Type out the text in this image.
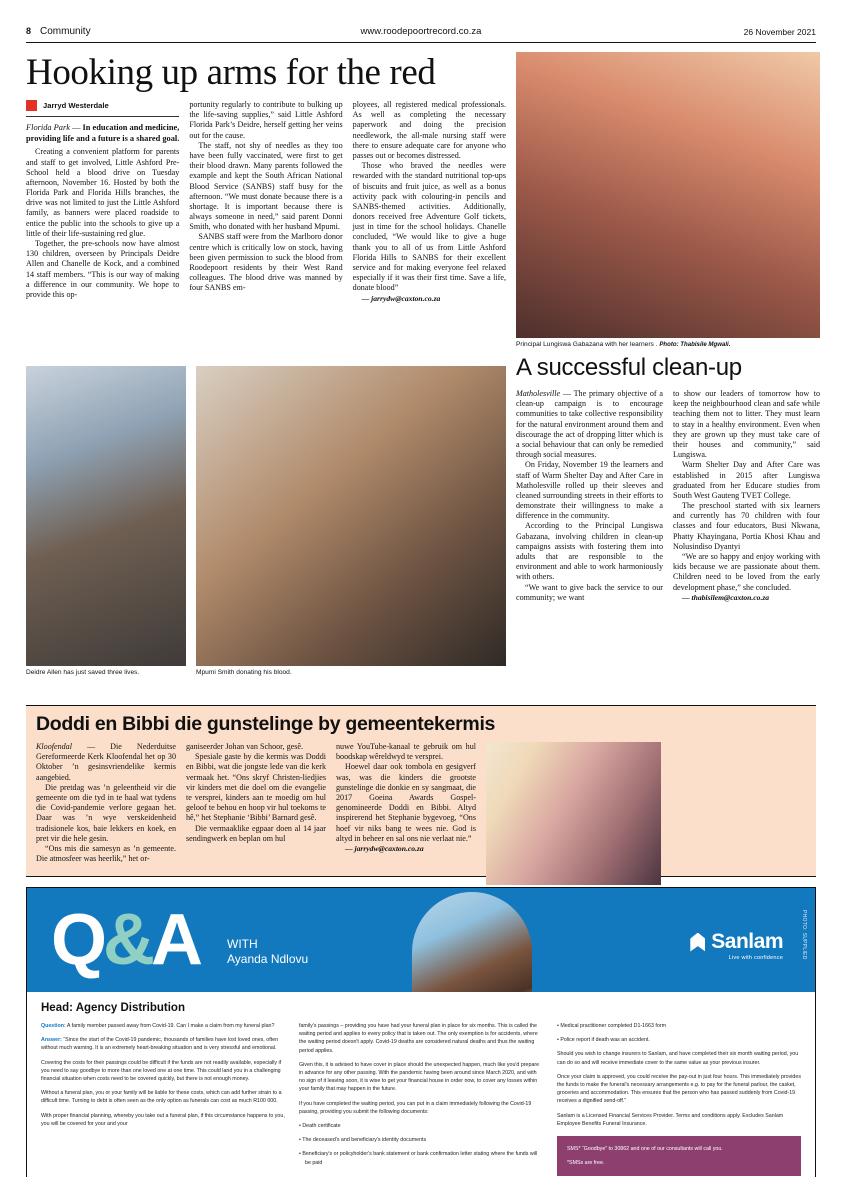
8 Community	www.roodepoortrecord.co.za	26 November 2021
Hooking up arms for the red
Jarryd Westerdale

Florida Park — In education and medicine, providing life and a future is a shared goal.

Creating a convenient platform for parents and staff to get involved, Little Ashford Pre-School held a blood drive on Tuesday afternoon, November 16. Hosted by both the Florida Park and Florida Hills branches, the drive was not limited to just the Little Ashford family, as banners were placed roadside to entice the public into the schools to give up a little of their life-sustaining red glue.

Together, the pre-schools now have almost 130 children, overseen by Principals Deidre Allen and Chanelle de Kock, and a combined 14 staff members. “This is our way of making a difference in our community. We hope to provide this op-

portunity regularly to contribute to bulking up the life-saving supplies,” said Little Ashford Florida Park’s Deidre, herself getting her veins out for the cause.

The staff, not shy of needles as they too have been fully vaccinated, were first to get their blood drawn. Many parents followed the example and kept the South African National Blood Service (SANBS) staff busy for the afternoon. “We must donate because there is a shortage. It is important because there is always someone in need,” said parent Donni Smith, who donated with her husband Mpumi.

SANBS staff were from the Marlboro donor centre which is critically low on stock, having been given permission to suck the blood from Roodepoort residents by their West Rand colleagues. The blood drive was manned by four SANBS em-

ployees, all registered medical professionals. As well as completing the necessary paperwork and doing the precision needlework, the all-male nursing staff were there to ensure adequate care for anyone who passes out or becomes distressed.

Those who braved the needles were rewarded with the standard nutritional top-ups of biscuits and fruit juice, as well as a bonus activity pack with colouring-in pencils and SANBS-themed activities. Additionally, donors received free Adventure Golf tickets, just in time for the school holidays. Chanelle concluded, “We would like to give a huge thank you to all of us from Little Ashford Florida Hills to SANBS for their excellent service and for making everyone feel relaxed especially if it was their first time. Save a life, donate blood”

— jarrydw@caxton.co.za

Principal Lungiswa Gabazana with her learners . Photo: Thabisile Mgwali.
A successful clean-up

Matholesville — The primary objective of a clean-up campaign is to encourage communities to take collective responsibility for the natural environment around them and discourage the act of dropping litter which is a social behaviour that can only be remedied through social measures.

On Friday, November 19 the learners and staff of Warm Shelter Day and After Care in Matholesville rolled up their sleeves and cleaned surrounding streets in their efforts to demonstrate their willingness to make a difference in the community.

According to the Principal Lungiswa Gabazana, involving children in clean-up campaigns assists with fostering them into adults that are responsible to the environment and able to work harmoniously with others.

“We want to give back the service to our community; we want

to show our leaders of tomorrow how to keep the neighbourhood clean and safe while teaching them not to litter. They must learn to stay in a healthy environment. Even when they are grown up they must take care of their houses and community,” said Lungiswa.

Warm Shelter Day and After Care was established in 2015 after Lungiswa graduated from her Educare studies from South West Gauteng TVET College.

The preschool started with six learners and currently has 70 children with four classes and four educators, Busi Nkwana, Phatty Khayingana, Portia Khosi Khau and Nolusindiso Dyantyi

“We are so happy and enjoy working with kids because we are passionate about them. Children need to be loved from the early development phase,” she concluded.

— thabisilem@caxton.co.za

Deidre Allen has just saved three lives.	Mpumi Smith donating his blood.
Doddi en Bibbi die gunstelinge by gemeentekermis

Kloofendal — Die Nederduitse Gereformeerde Kerk Kloofendal het op 30 Oktober ’n gesinsvriendelike kermis aangebied.

Die pretdag was ’n geleentheid vir die gemeente om die tyd in te haal wat tydens die Covid-pandemie verlore gegaan het. Daar was ’n wye verskeidenheid tradisionele kos, baie lekkers en koek, en pret vir die hele gesin.

“Ons mis die samesyn as ’n gemeente. Die atmosfeer was heerlik,” het or-

ganiseerder Johan van Schoor, gesê.

Spesiale gaste by die kermis was Doddi en Bibbi, wat die jongste lede van die kerk vermaak het. “Ons skryf Christen-liedjies vir kinders met die doel om die evangelie te versprei, kinders aan te moedig om hul geloof te behou en hoop vir hul toekoms te hê,” het Stephanie ‘Bibbi’ Barnard gesê.

Die vermaaklike egpaar doen al 14 jaar sendingwerk en beplan om hul

nuwe YouTube-kanaal te gebruik om hul boodskap wêreldwyd te versprei.

Hoewel daar ook tombola en gesigverf was, was die kinders die grootste gunstelinge die donkie en sy sangmaat, die 2017 Goeina Awards Gospel-genomineerde Doddi en Bibbi. Altyd inspirerend het Stephanie bygevoeg, “Ons hoef vir niks bang te wees nie. God is altyd in beheer en sal ons nie verlaat nie.”

— jarrydw@caxton.co.za

Q&A WITH
Ayanda Ndlovu	PHOTO: SUPPLIED
Sanlam
Live with confidence
Head: Agency Distribution

Question: A family member passed away from Covid-19. Can I make a claim from my funeral plan?

Answer: “Since the start of the Covid-19 pandemic, thousands of families have lost loved ones, often without much warning. It is an extremely heart-breaking situation and is very stressful and emotional.

Covering the costs for their passings could be difficult if the funds are not readily available, especially if you need to say goodbye to more than one loved one at one time. This could land you in a challenging financial situation when costs need to be covered quickly, but there is not enough money.

Without a funeral plan, you or your family will be liable for these costs, which can add further strain to a difficult time. Turning to debt is often seen as the only option as funerals can cost as much R100 000.

With proper financial planning, whereby you take out a funeral plan, if this circumstance happens to you, you will be covered for your and your

family's passings – providing you have had your funeral plan in place for six months. This is called the waiting period and applies to every policy that is taken out. The only exemption is for accidents, where the waiting period doesn't apply. Covid-19 deaths are considered natural deaths and thus the waiting period applies.

Given this, it is advised to have cover in place should the unexpected happen, much like you'd prepare in advance for any other passing. With the pandemic having been around since March 2020, and with no sign of it leaving soon, it is wise to get your financial house in order now, to cover any losses within your family that may happen in the future.

If you have completed the waiting period, you can put in a claim immediately following the Covid-19 passing, providing you submit the following documents:

• Death certificate

• The deceased's and beneficiary's identity documents

• Beneficiary's or policyholder's bank statement or bank confirmation letter stating where the funds will be paid

• Medical practitioner completed D1-1663 form

• Police report if death was an accident.

Should you wish to change insurers to Sanlam, and have completed their six month waiting period, you can do so and will receive immediate cover to the same value as your previous insurer.

Once your claim is approved, you could receive the pay-out in just four hours. This immediately provides the funds to make the funeral's necessary arrangements e.g. to pay for the funeral parlour, the casket, groceries and accommodation. This ensures that the person who has passed suddenly from Covid-19 receives a dignified send-off.”

Sanlam is a Licensed Financial Services Provider. Terms and conditions apply. Excludes Sanlam Employee Benefits Funeral Insurance.

SMS* “Goodbye” to 30862 and one of our consultants will call you.

*SMSs are free.
